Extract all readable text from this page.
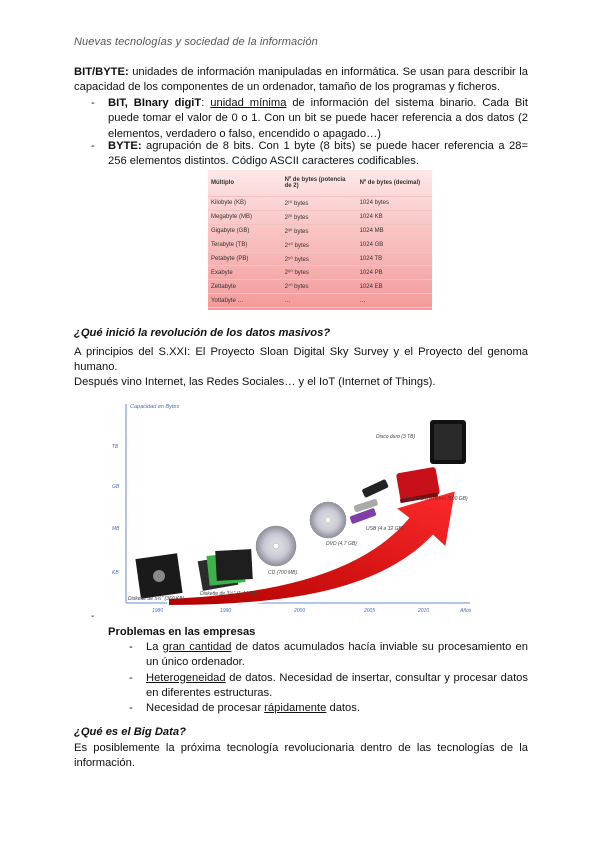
Nuevas tecnologías y sociedad de la información
BIT/BYTE: unidades de información manipuladas en informática. Se usan para describir la capacidad de los componentes de un ordenador, tamaño de los programas y ficheros.
- BIT, BInary digiT: unidad mínima de información del sistema binario. Cada Bit puede tomar el valor de 0 o 1. Con un bit se puede hacer referencia a dos datos (2 elementos, verdadero o falso, encendido o apagado…)
- BYTE: agrupación de 8 bits. Con 1 byte (8 bits) se puede hacer referencia a 28= 256 elementos distintos. Código ASCII caracteres codificables.
Múltiplo	Nº de bytes (potencia de 2)	Nº de bytes (decimal)
Kilobyte (KB)	2¹⁰ bytes	1024 bytes
Megabyte (MB)	2²⁰ bytes	1024 KB
Gigabyte (GB)	2³⁰ bytes	1024 MB
Terabyte (TB)	2⁴⁰ bytes	1024 GB
Petabyte (PB)	2⁵⁰ bytes	1024 TB
Exabyte	2⁶⁰ bytes	1024 PB
Zettabyte	2⁷⁰ bytes	1024 EB
Yottabyte …	…	…
¿Qué inició la revolución de los datos masivos?
A principios del S.XXI: El Proyecto Sloan Digital Sky Survey y el Proyecto del genoma humano.
Después vino Internet, las Redes Sociales… y el IoT (Internet of Things).
Capacidad en Bytes
TB
GB
MB
KB
1980	1990	2000	2005	2010	Años
Diskette de 5¼" (360 KB)
Diskette de 3½" (1,44 MB)
CD (700 MB)
DVD (4,7 GB)
USB (4 a 32 GB)
Disco duro externo (500 GB)
Disco duro (3 TB)
-
Problemas en las empresas
- La gran cantidad de datos acumulados hacía inviable su procesamiento en un único ordenador.
- Heterogeneidad de datos. Necesidad de insertar, consultar y procesar datos en diferentes estructuras.
- Necesidad de procesar rápidamente datos.
¿Qué es el Big Data?
Es posiblemente la próxima tecnología revolucionaria dentro de las tecnologías de la información.
